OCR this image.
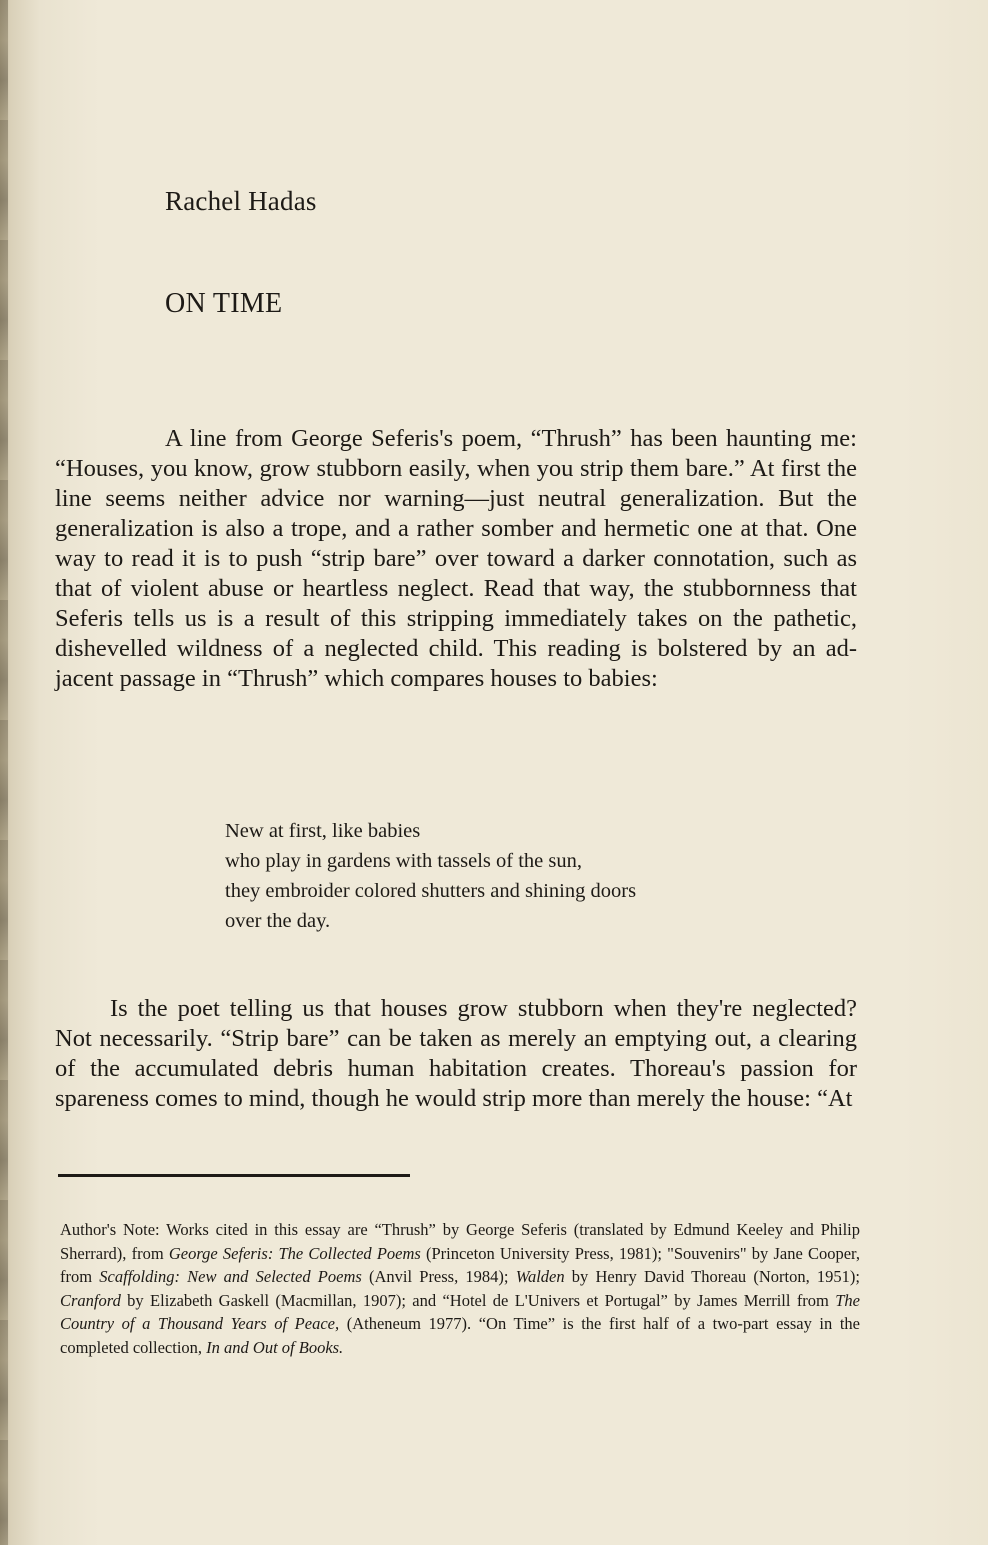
Rachel Hadas
ON TIME

A line from George Seferis's poem, “Thrush” has been haunting me: “Houses, you know, grow stubborn easily, when you strip them bare.” At first the line seems neither advice nor warning—just neutral generalization. But the generalization is also a trope, and a rather somber and hermetic one at that. One way to read it is to push “strip bare” over toward a darker connotation, such as that of violent abuse or heartless neglect. Read that way, the stubbornness that Seferis tells us is a result of this stripping immediately takes on the pathetic, dishevelled wildness of a neglected child. This reading is bolstered by an ad-jacent passage in “Thrush” which compares houses to babies:

New at first, like babies
who play in gardens with tassels of the sun,
they embroider colored shutters and shining doors
over the day.

Is the poet telling us that houses grow stubborn when they're neglected? Not necessarily. “Strip bare” can be taken as merely an emptying out, a clearing of the accumulated debris human habitation creates. Thoreau's passion for spareness comes to mind, though he would strip more than merely the house: “At

Author's Note: Works cited in this essay are “Thrush” by George Seferis (translated by Edmund Keeley and Philip Sherrard), from George Seferis: The Collected Poems (Princeton University Press, 1981); "Souvenirs" by Jane Cooper, from Scaffolding: New and Selected Poems (Anvil Press, 1984); Walden by Henry David Thoreau (Norton, 1951); Cranford by Elizabeth Gaskell (Macmillan, 1907); and “Hotel de L'Univers et Portugal” by James Merrill from The Country of a Thousand Years of Peace, (Atheneum 1977). “On Time” is the first half of a two-part essay in the completed collection, In and Out of Books.
